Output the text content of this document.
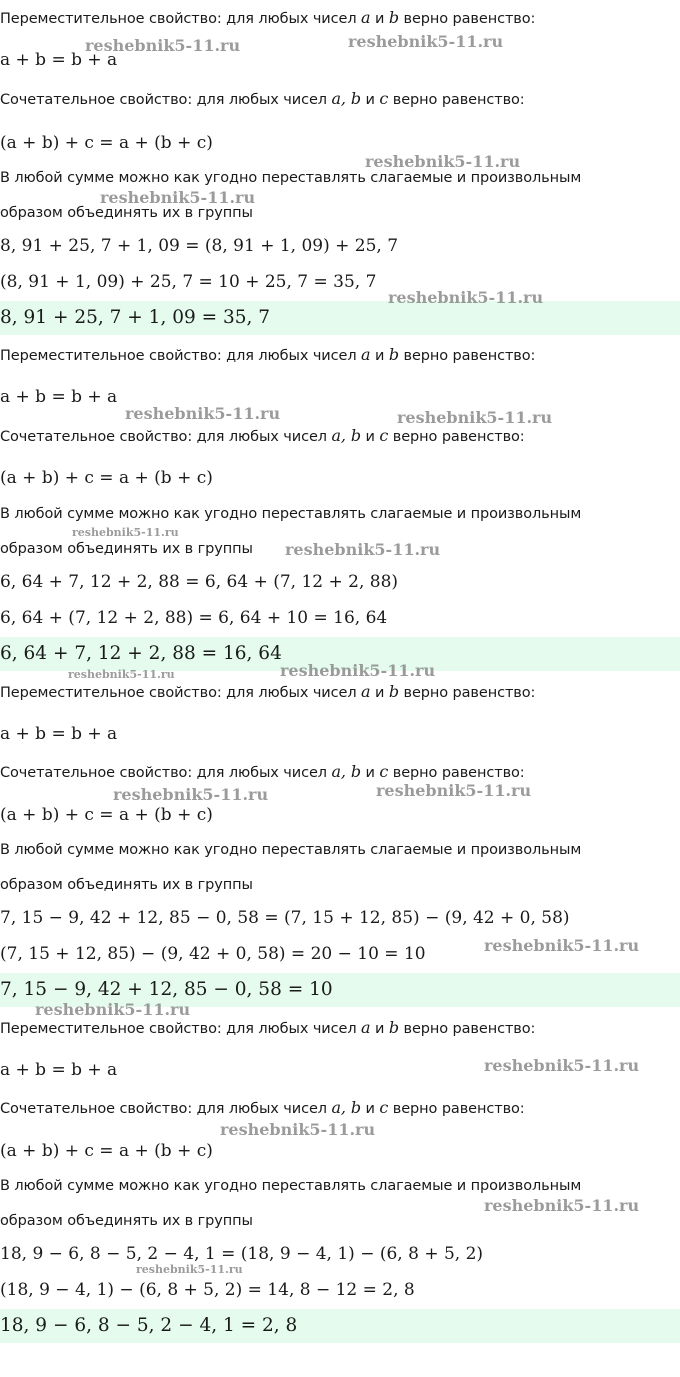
Переместительное свойство: для любых чисел a и b верно равенство:
a + b = b + a
Сочетательное свойство: для любых чисел a, b и c верно равенство:
(a + b) + c = a + (b + c)
В любой сумме можно как угодно переставлять слагаемые и произвольным
образом объединять их в группы
8, 91 + 25, 7 + 1, 09 = (8, 91 + 1, 09) + 25, 7
(8, 91 + 1, 09) + 25, 7 = 10 + 25, 7 = 35, 7
8, 91 + 25, 7 + 1, 09 = 35, 7
Переместительное свойство: для любых чисел a и b верно равенство:
a + b = b + a
Сочетательное свойство: для любых чисел a, b и c верно равенство:
(a + b) + c = a + (b + c)
В любой сумме можно как угодно переставлять слагаемые и произвольным
образом объединять их в группы
6, 64 + 7, 12 + 2, 88 = 6, 64 + (7, 12 + 2, 88)
6, 64 + (7, 12 + 2, 88) = 6, 64 + 10 = 16, 64
6, 64 + 7, 12 + 2, 88 = 16, 64
Переместительное свойство: для любых чисел a и b верно равенство:
a + b = b + a
Сочетательное свойство: для любых чисел a, b и c верно равенство:
(a + b) + c = a + (b + c)
В любой сумме можно как угодно переставлять слагаемые и произвольным
образом объединять их в группы
7, 15 − 9, 42 + 12, 85 − 0, 58 = (7, 15 + 12, 85) − (9, 42 + 0, 58)
(7, 15 + 12, 85) − (9, 42 + 0, 58) = 20 − 10 = 10
7, 15 − 9, 42 + 12, 85 − 0, 58 = 10
Переместительное свойство: для любых чисел a и b верно равенство:
a + b = b + a
Сочетательное свойство: для любых чисел a, b и c верно равенство:
(a + b) + c = a + (b + c)
В любой сумме можно как угодно переставлять слагаемые и произвольным
образом объединять их в группы
18, 9 − 6, 8 − 5, 2 − 4, 1 = (18, 9 − 4, 1) − (6, 8 + 5, 2)
(18, 9 − 4, 1) − (6, 8 + 5, 2) = 14, 8 − 12 = 2, 8
18, 9 − 6, 8 − 5, 2 − 4, 1 = 2, 8
reshebnik5-11.ru	reshebnik5-11.ru
reshebnik5-11.ru
reshebnik5-11.ru
reshebnik5-11.ru
reshebnik5-11.ru	reshebnik5-11.ru
reshebnik5-11.ru
reshebnik5-11.ru
reshebnik5-11.ru
reshebnik5-11.ru
reshebnik5-11.ru	reshebnik5-11.ru
reshebnik5-11.ru
reshebnik5-11.ru
reshebnik5-11.ru
reshebnik5-11.ru
reshebnik5-11.ru
reshebnik5-11.ru
